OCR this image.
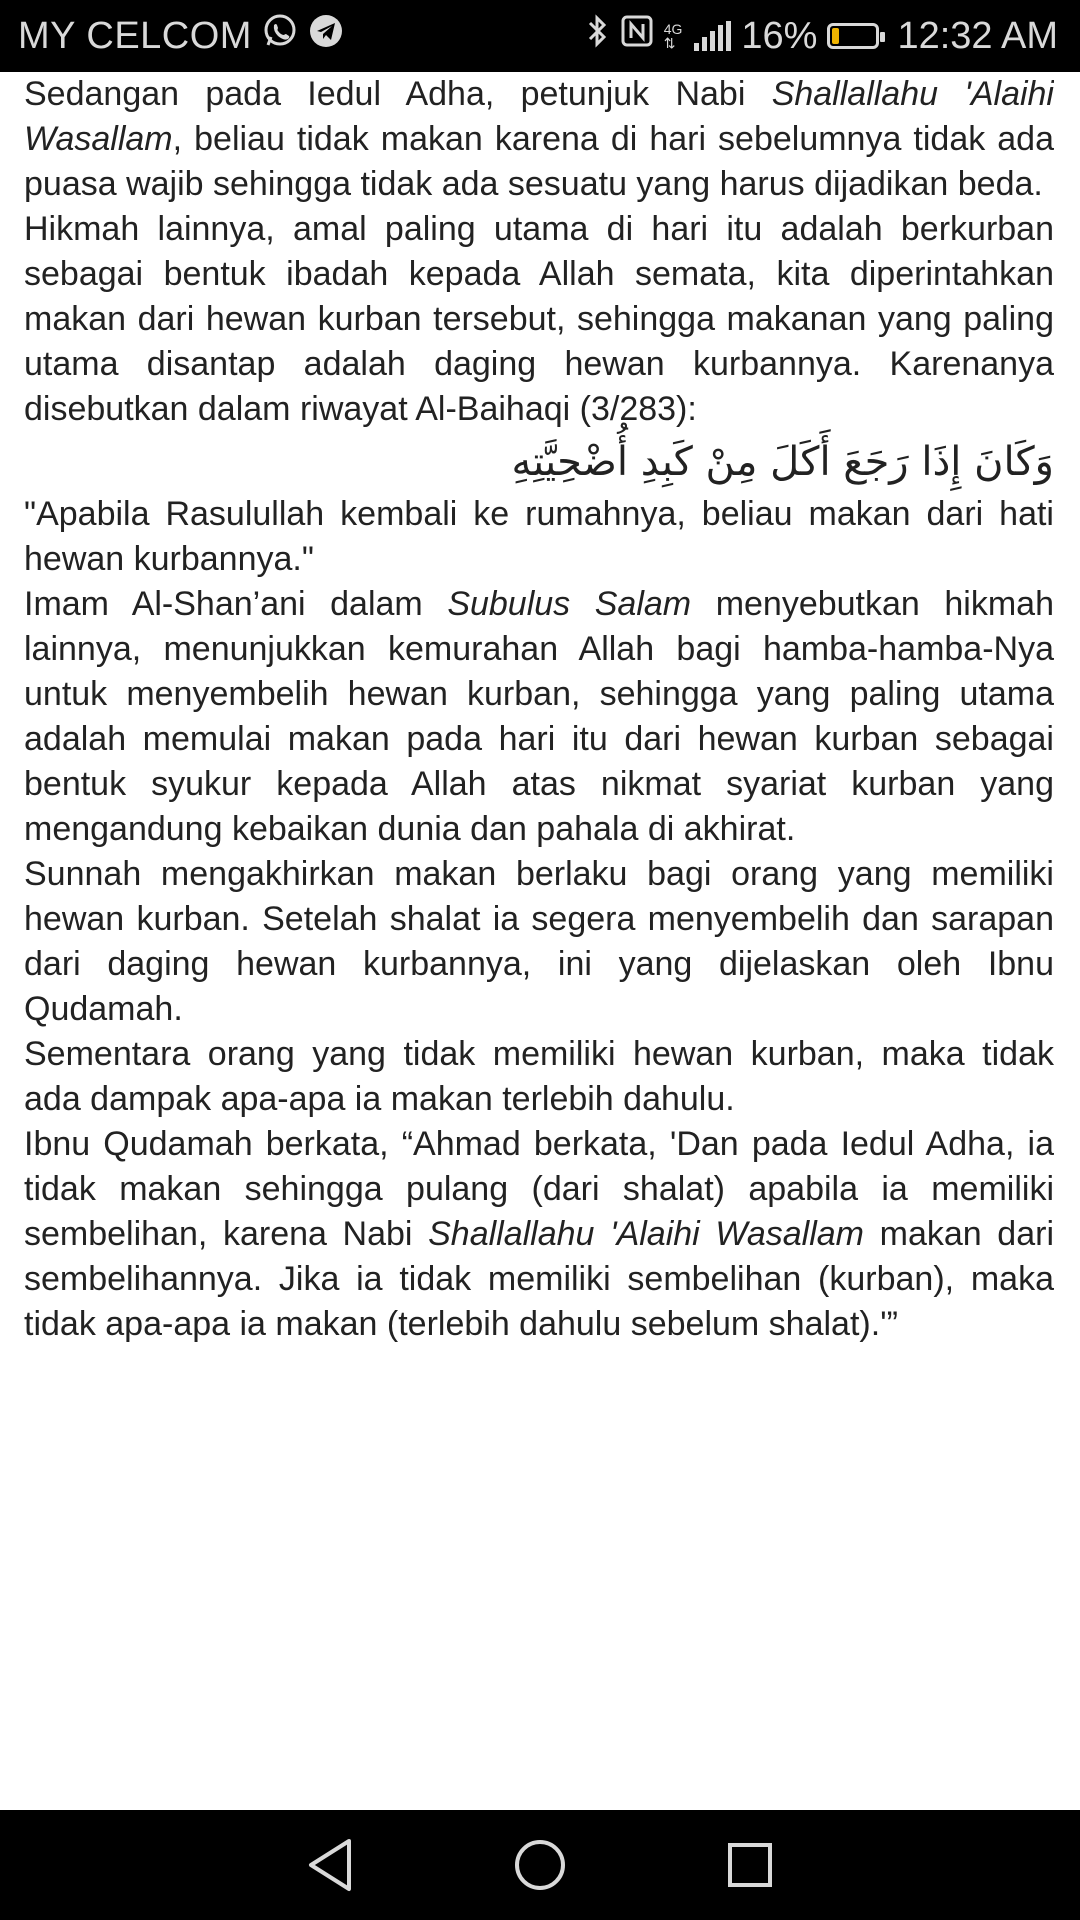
MY CELCOM	4G
⇅ 16% 12:32 AM

Sedangan pada Iedul Adha, petunjuk Nabi Shallallahu 'Alaihi Wasallam, beliau tidak makan karena di hari sebelumnya tidak ada puasa wajib sehingga tidak ada sesuatu yang harus dijadikan beda.

Hikmah lainnya, amal paling utama di hari itu adalah berkurban sebagai bentuk ibadah kepada Allah semata, kita diperintahkan makan dari hewan kurban tersebut, sehingga makanan yang paling utama disantap adalah daging hewan kurbannya. Karenanya disebutkan dalam riwayat Al-Baihaqi (3/283):

وَكَانَ إِذَا رَجَعَ أَكَلَ مِنْ كَبِدِ أُضْحِيَّتِهِ

"Apabila Rasulullah kembali ke rumahnya, beliau makan dari hati hewan kurbannya."

Imam Al-Shan’ani dalam Subulus Salam menyebutkan hikmah lainnya, menunjukkan kemurahan Allah bagi hamba-hamba-Nya untuk menyembelih hewan kurban, sehingga yang paling utama adalah memulai makan pada hari itu dari hewan kurban sebagai bentuk syukur kepada Allah atas nikmat syariat kurban yang mengandung kebaikan dunia dan pahala di akhirat.

Sunnah mengakhirkan makan berlaku bagi orang yang memiliki hewan kurban. Setelah shalat ia segera menyembelih dan sarapan dari daging hewan kurbannya, ini yang dijelaskan oleh Ibnu Qudamah.

Sementara orang yang tidak memiliki hewan kurban, maka tidak ada dampak apa-apa ia makan terlebih dahulu.

Ibnu Qudamah berkata, “Ahmad berkata, 'Dan pada Iedul Adha, ia tidak makan sehingga pulang (dari shalat) apabila ia memiliki sembelihan, karena Nabi Shallallahu 'Alaihi Wasallam makan dari sembelihannya. Jika ia tidak memiliki sembelihan (kurban), maka tidak apa-apa ia makan (terlebih dahulu sebelum shalat).'”
